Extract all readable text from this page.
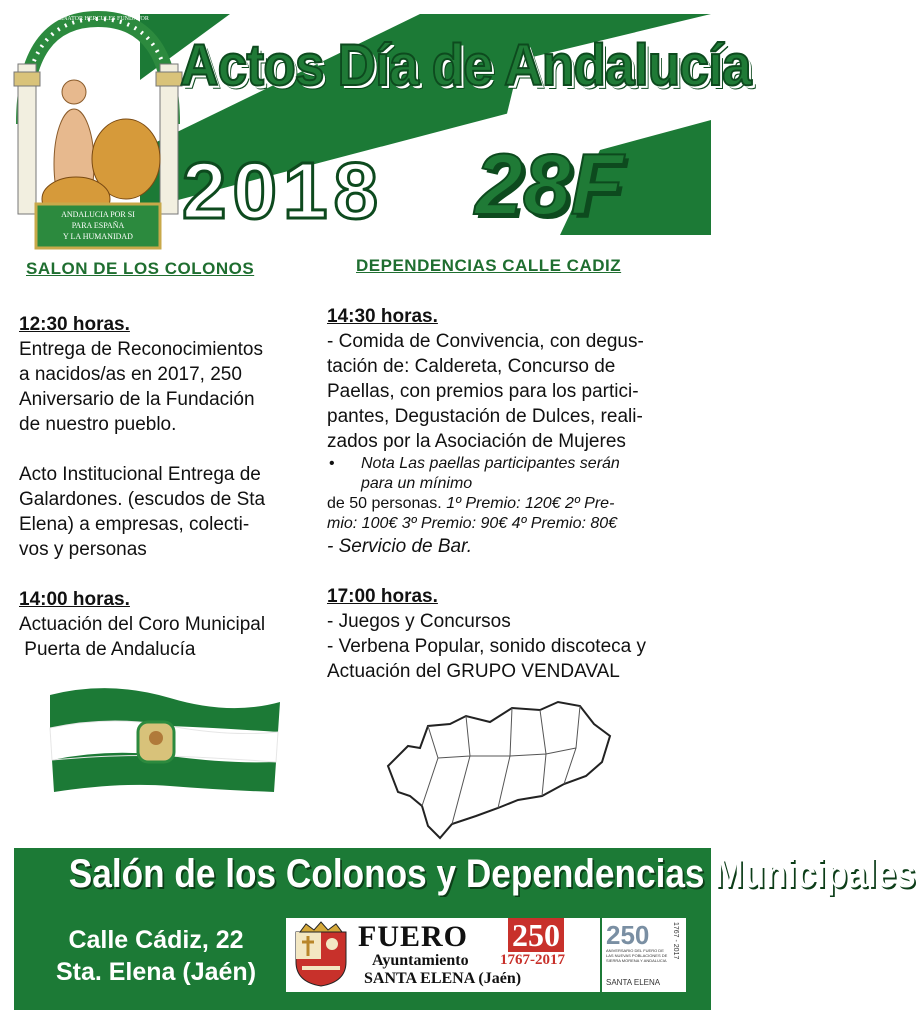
ANDALUCIA POR SI
PARA ESPAÑA
Y LA HUMANIDAD
DOMINATOR HERCULES FUNDATOR
Actos Día de Andalucía
2018 28F
SALON DE LOS COLONOS	DEPENDENCIAS CALLE CADIZ
12:30 horas.
Entrega de Reconocimientos
a nacidos/as en 2017, 250
Aniversario de la Fundación
de nuestro pueblo.
Acto Institucional Entrega de
Galardones. (escudos de Sta
Elena) a empresas, colecti-
vos y personas
14:00 horas.
Actuación del Coro Municipal
Puerta de Andalucía
14:30 horas.
- Comida de Convivencia, con degus-
tación de: Caldereta, Concurso de
Paellas, con premios para los partici-
pantes, Degustación de Dulces, reali-
zados por la Asociación de Mujeres
• Nota Las paellas participantes serán
para un mínimo
de 50 personas. 1º Premio: 120€ 2º Pre-
mio: 100€ 3º Premio: 90€ 4º Premio: 80€
- Servicio de Bar.
17:00 horas.
- Juegos y Concursos
- Verbena Popular, sonido discoteca y
Actuación del GRUPO VENDAVAL
Salón de los Colonos y Dependencias Municipales
Calle Cádiz, 22
Sta. Elena (Jaén)
FUERO 250
Ayuntamiento 1767-2017
SANTA ELENA (Jaén)
250
ANIVERSARIO DEL FUERO DE LAS NUEVAS POBLACIONES DE SIERRA MORENA Y ANDALUCIA
1767 - 2017
SANTA ELENA
